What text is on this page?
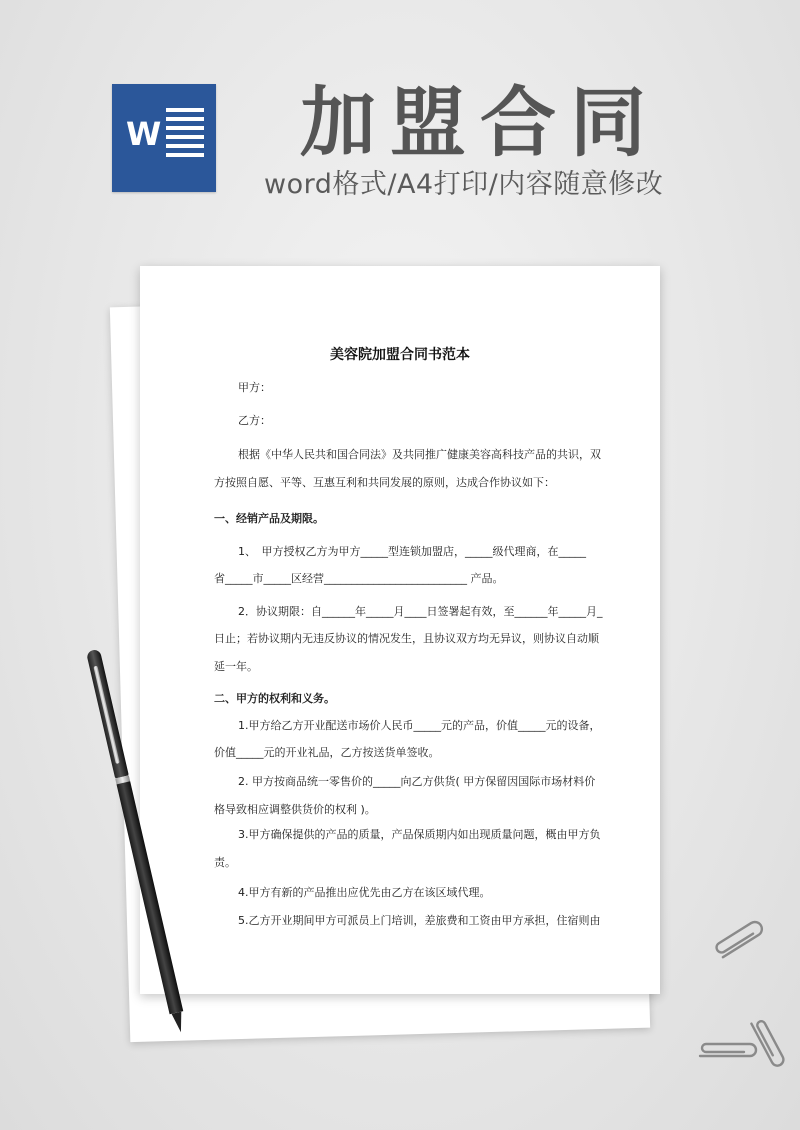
W 加盟合同
word格式/A4打印/内容随意修改
美容院加盟合同书范本
甲方：
乙方：
根据《中华人民共和国合同法》及共同推广健康美容高科技产品的共识，双
方按照自愿、平等、互惠互利和共同发展的原则，达成合作协议如下：
一、经销产品及期限。
1、　甲方授权乙方为甲方_____型连锁加盟店，_____级代理商，在_____
省_____市_____区经营__________________________ 产品。
2．协议期限：自______年_____月____日签署起有效，至______年_____月_
日止；若协议期内无违反协议的情况发生，且协议双方均无异议，则协议自动顺
延一年。
二、甲方的权利和义务。
1.甲方给乙方开业配送市场价人民币_____元的产品，价值_____元的设备，
价值_____元的开业礼品，乙方按送货单签收。
2. 甲方按商品统一零售价的_____向乙方供货( 甲方保留因国际市场材料价
格导致相应调整供货价的权利 )。
3.甲方确保提供的产品的质量，产品保质期内如出现质量问题，概由甲方负
责。
4.甲方有新的产品推出应优先由乙方在该区域代理。
5.乙方开业期间甲方可派员上门培训，差旅费和工资由甲方承担，住宿则由
